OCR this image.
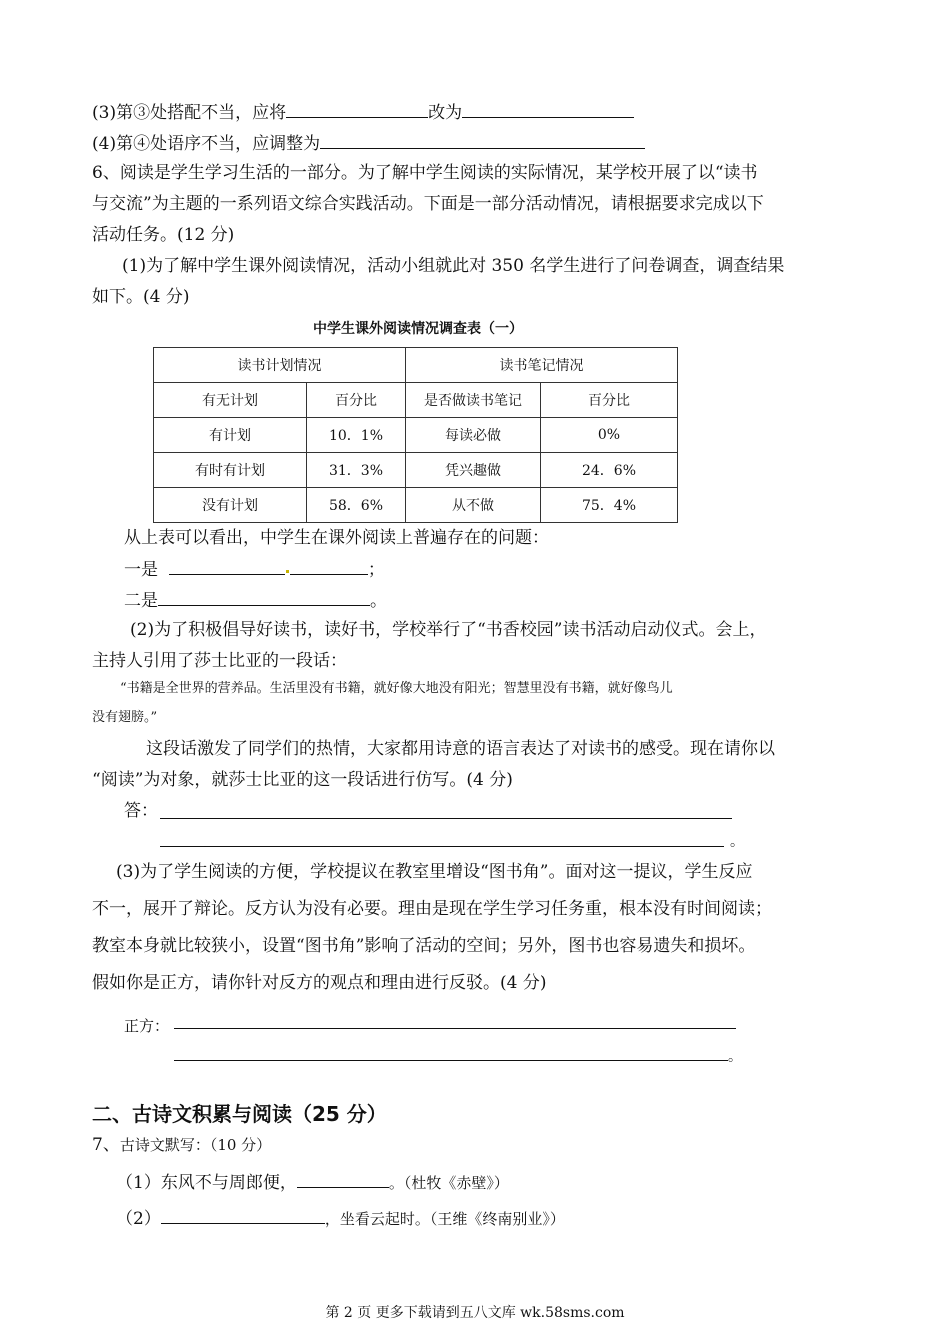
(3)第③处搭配不当，应将	改为
(4)第④处语序不当，应调整为
6、阅读是学生学习生活的一部分。为了解中学生阅读的实际情况，某学校开展了以“读书
与交流”为主题的一系列语文综合实践活动。下面是一部分活动情况，请根据要求完成以下
活动任务。(12 分)
(1)为了解中学生课外阅读情况，活动小组就此对 350 名学生进行了问卷调查，调查结果
如下。(4 分)
中学生课外阅读情况调查表（一）
读书计划情况		读书笔记情况	
有无计划	百分比	是否做读书笔记	百分比
有计划	10．1%	每读必做	0%
有时有计划	31．3%	凭兴趣做	24．6%
没有计划	58．6%	从不做	75．4%
从上表可以看出，中学生在课外阅读上普遍存在的问题：
一是	；
二是	。
(2)为了积极倡导好读书，读好书，学校举行了“书香校园”读书活动启动仪式。会上，
主持人引用了莎士比亚的一段话：
“书籍是全世界的营养品。生活里没有书籍，就好像大地没有阳光；智慧里没有书籍，就好像鸟儿
没有翅膀。”
这段话激发了同学们的热情，大家都用诗意的语言表达了对读书的感受。现在请你以
“阅读”为对象，就莎士比亚的这一段话进行仿写。(4 分)
答：
。
(3)为了学生阅读的方便，学校提议在教室里增设“图书角”。面对这一提议，学生反应
不一，展开了辩论。反方认为没有必要。理由是现在学生学习任务重，根本没有时间阅读；
教室本身就比较狭小，设置“图书角”影响了活动的空间；另外，图书也容易遗失和损坏。
假如你是正方，请你针对反方的观点和理由进行反驳。(4 分)
正方：
。
二、古诗文积累与阅读（25 分）
7、古诗文默写：（10 分）
（1）东风不与周郎便，	。（杜牧《赤壁》）
（2）	，坐看云起时。（王维《终南别业》）
第 2 页 更多下载请到五八文库 wk.58sms.com
